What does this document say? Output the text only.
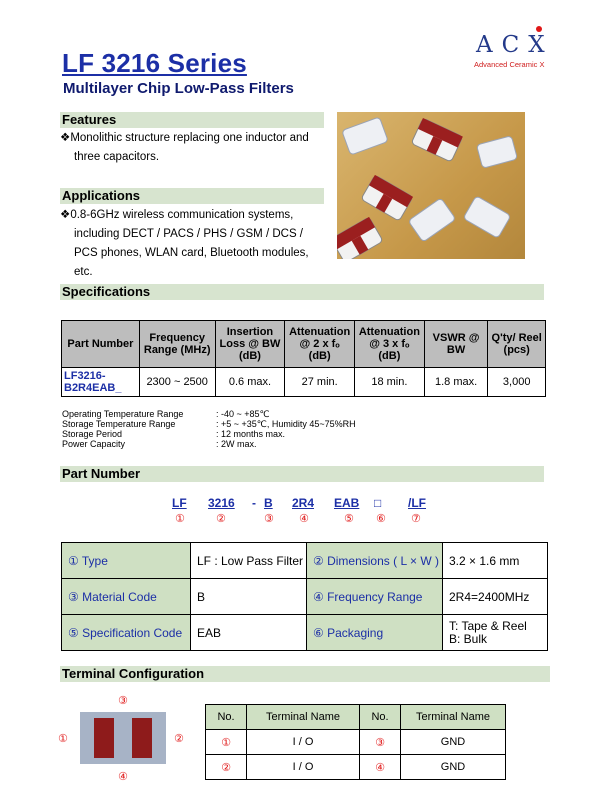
LF 3216 Series
Multilayer Chip Low-Pass Filters
ACX
Advanced Ceramic X
Features
❖Monolithic structure replacing one inductor and
three capacitors.
Applications
❖0.8-6GHz wireless communication systems,
including DECT / PACS / PHS / GSM / DCS /
PCS phones, WLAN card, Bluetooth modules,
etc.
Specifications
Part Number	Frequency Range (MHz)	Insertion Loss @ BW (dB)	Attenuation @ 2 x fₒ (dB)	Attenuation @ 3 x fₒ (dB)	VSWR @ BW	Q'ty/ Reel (pcs)
LF3216-B2R4EAB_	2300 ~ 2500	0.6 max.	27 min.	18 min.	1.8 max.	3,000
Operating Temperature Range	: -40 ~ +85℃
Storage Temperature Range	: +5 ~ +35℃, Humidity 45~75%RH
Storage Period	: 12 months max.
Power Capacity	: 2W max.
Part Number
LF 3216 - B 2R4 EAB □ /LF
①	②	③ ④	⑤ ⑥ ⑦
① Type	LF : Low Pass Filter	② Dimensions ( L × W )	3.2 × 1.6 mm
③ Material Code	B	④ Frequency Range	2R4=2400MHz
⑤ Specification Code	EAB	⑥ Packaging	T: Tape & Reel
B: Bulk
Terminal Configuration
③
④
①	②
No.	Terminal Name	No.	Terminal Name
①	I / O	③	GND
②	I / O	④	GND
